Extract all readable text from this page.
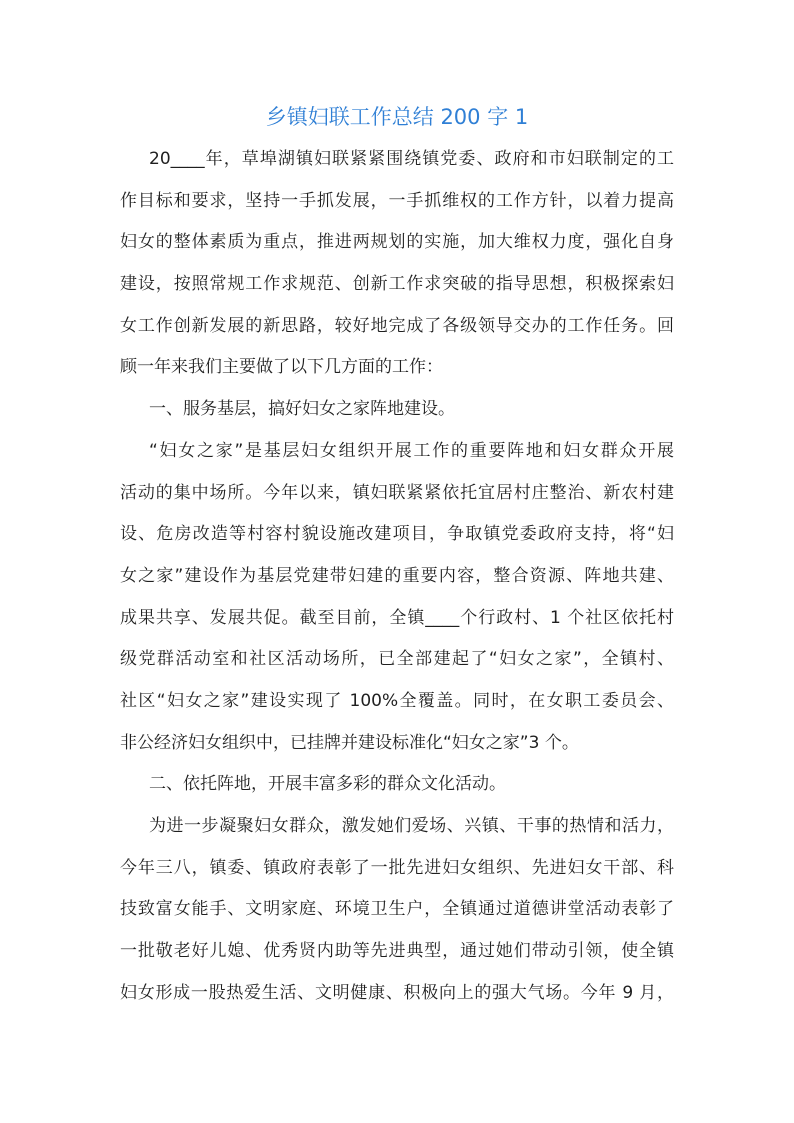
乡镇妇联工作总结 200 字 1
20____年，草埠湖镇妇联紧紧围绕镇党委、政府和市妇联制定的工
作目标和要求，坚持一手抓发展，一手抓维权的工作方针，以着力提高
妇女的整体素质为重点，推进两规划的实施，加大维权力度，强化自身
建设，按照常规工作求规范、创新工作求突破的指导思想，积极探索妇
女工作创新发展的新思路，较好地完成了各级领导交办的工作任务。回
顾一年来我们主要做了以下几方面的工作：
一、服务基层，搞好妇女之家阵地建设。
“妇女之家”是基层妇女组织开展工作的重要阵地和妇女群众开展
活动的集中场所。今年以来，镇妇联紧紧依托宜居村庄整治、新农村建
设、危房改造等村容村貌设施改建项目，争取镇党委政府支持，将“妇
女之家”建设作为基层党建带妇建的重要内容，整合资源、阵地共建、
成果共享、发展共促。截至目前，全镇____个行政村、1 个社区依托村
级党群活动室和社区活动场所，已全部建起了“妇女之家”，全镇村、
社区“妇女之家”建设实现了 100%全覆盖。同时，在女职工委员会、
非公经济妇女组织中，已挂牌并建设标准化“妇女之家”3 个。
二、依托阵地，开展丰富多彩的群众文化活动。
为进一步凝聚妇女群众，激发她们爱场、兴镇、干事的热情和活力，
今年三八，镇委、镇政府表彰了一批先进妇女组织、先进妇女干部、科
技致富女能手、文明家庭、环境卫生户，全镇通过道德讲堂活动表彰了
一批敬老好儿媳、优秀贤内助等先进典型，通过她们带动引领，使全镇
妇女形成一股热爱生活、文明健康、积极向上的强大气场。今年 9 月，
